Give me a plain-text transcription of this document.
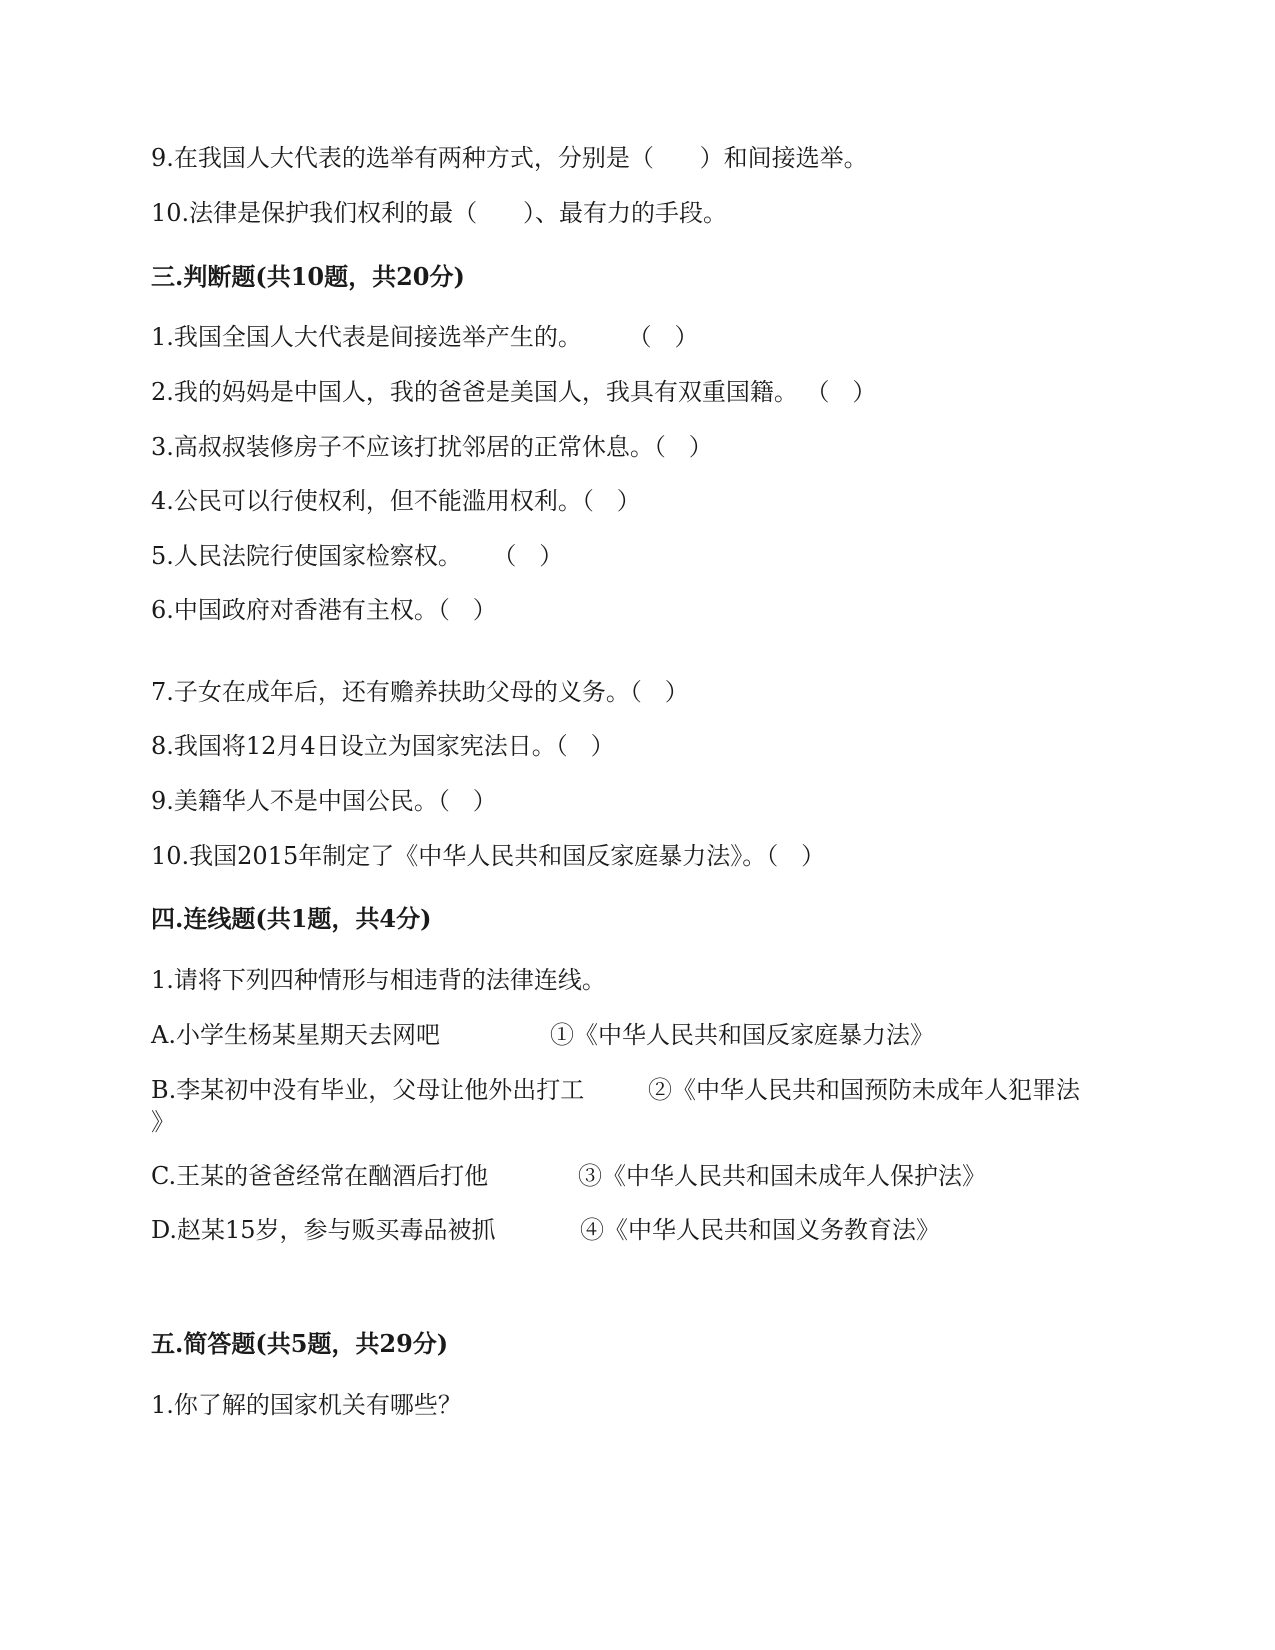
9.在我国人大代表的选举有两种方式，分别是（      ）和间接选举。
10.法律是保护我们权利的最（      ）、最有力的手段。
三.判断题(共10题，共20分)
1.我国全国人大代表是间接选举产生的。      （   ）
2.我的妈妈是中国人，我的爸爸是美国人，我具有双重国籍。 （   ）
3.高叔叔装修房子不应该打扰邻居的正常休息。（   ）
4.公民可以行使权利，但不能滥用权利。（   ）
5.人民法院行使国家检察权。    （   ）
6.中国政府对香港有主权。（   ）
7.子女在成年后，还有赡养扶助父母的义务。（   ）
8.我国将12月4日设立为国家宪法日。（   ）
9.美籍华人不是中国公民。（   ）
10.我国2015年制定了《中华人民共和国反家庭暴力法》。（   ）
四.连线题(共1题，共4分)
1.请将下列四种情形与相违背的法律连线。
A.小学生杨某星期天去网吧	①《中华人民共和国反家庭暴力法》
B.李某初中没有毕业，父母让他外出打工	②《中华人民共和国预防未成年人犯罪法
》
C.王某的爸爸经常在酗酒后打他	③《中华人民共和国未成年人保护法》
D.赵某15岁，参与贩买毒品被抓	④《中华人民共和国义务教育法》
五.简答题(共5题，共29分)
1.你了解的国家机关有哪些？
